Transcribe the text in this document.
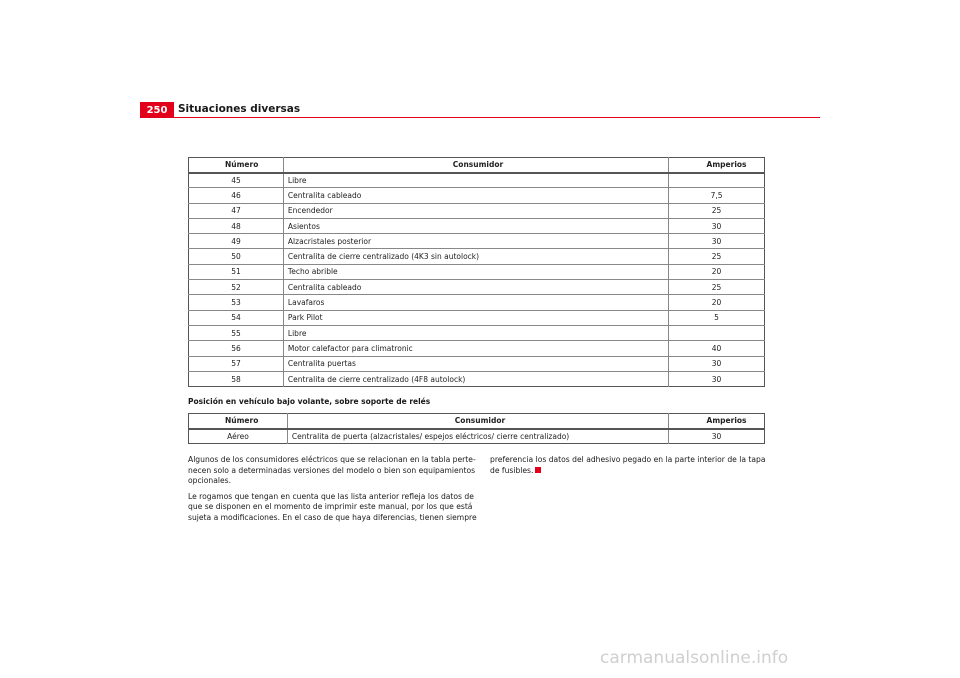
250	Situaciones diversas
Número	Consumidor	Amperios
45	Libre	
46	Centralita cableado	7,5
47	Encendedor	25
48	Asientos	30
49	Alzacristales posterior	30
50	Centralita de cierre centralizado (4K3 sin autolock)	25
51	Techo abrible	20
52	Centralita cableado	25
53	Lavafaros	20
54	Park Pilot	5
55	Libre	
56	Motor calefactor para climatronic	40
57	Centralita puertas	30
58	Centralita de cierre centralizado (4F8 autolock)	30
Posición en vehículo bajo volante, sobre soporte de relés
Número	Consumidor	Amperios
Aéreo	Centralita de puerta (alzacristales/ espejos eléctricos/ cierre centralizado)	30

Algunos de los consumidores eléctricos que se relacionan en la tabla perte- necen solo a determinadas versiones del modelo o bien son equipamientos opcionales.

Le rogamos que tengan en cuenta que las lista anterior refleja los datos de que se disponen en el momento de imprimir este manual, por los que está sujeta a modificaciones. En el caso de que haya diferencias, tienen siempre

preferencia los datos del adhesivo pegado en la parte interior de la tapa de fusibles.

carmanualsonline.info
